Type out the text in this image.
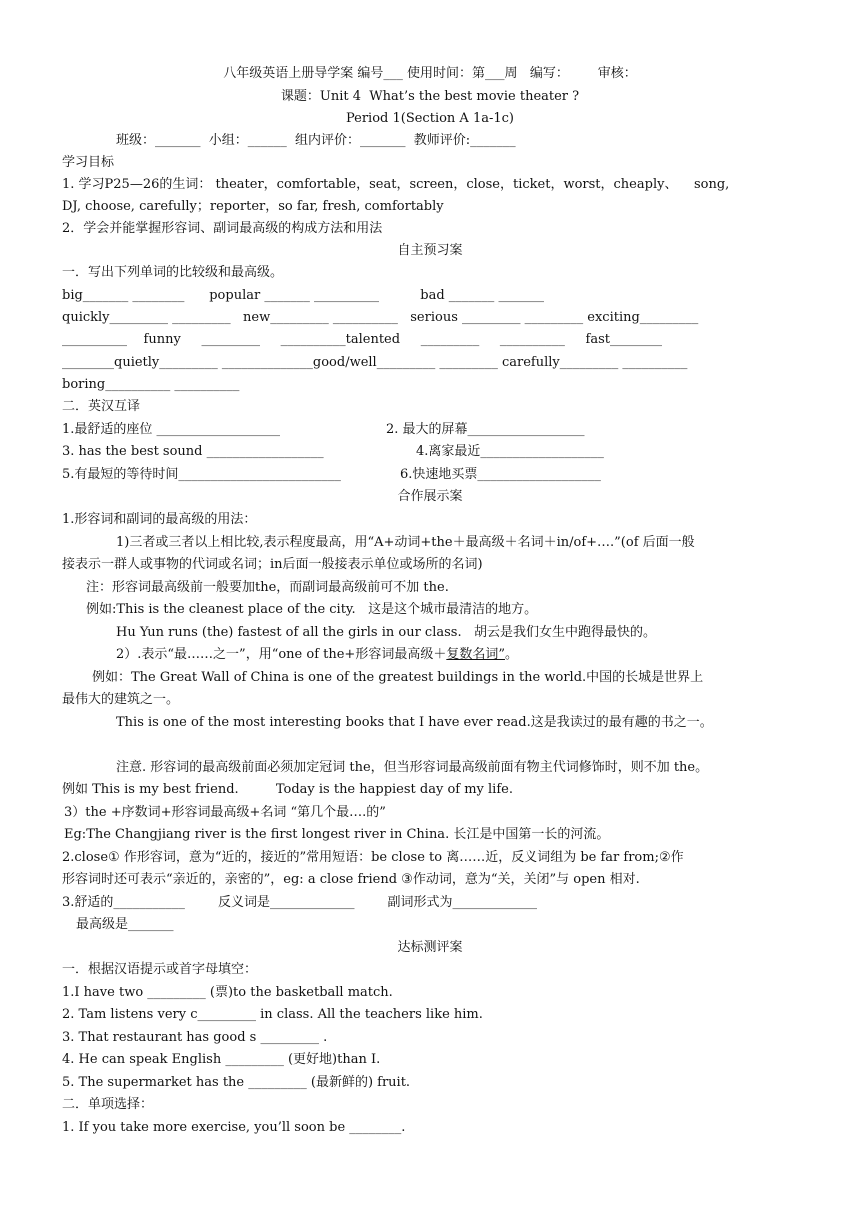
八年级英语上册导学案 编号___ 使用时间：第___周   编写：       审核：
课题：Unit 4  What’s the best movie theater ?
Period 1(Section A 1a-1c)
班级：_______  小组：______  组内评价：_______  教师评价:_______
学习目标
1. 学习P25—26的生词： theater，comfortable，seat，screen，close，ticket，worst，cheaply、    song,
DJ, choose, carefully；reporter，so far, fresh, comfortably
2．学会并能掌握形容词、副词最高级的构成方法和用法
自主预习案
一．写出下列单词的比较级和最高级。
big_______ ________      popular _______ __________          bad _______ _______
quickly_________ _________   new_________ __________   serious _________ _________ exciting_________
__________    funny     _________     __________talented     _________     __________     fast________
________quietly_________ ______________good/well_________ _________ carefully_________ __________
boring__________ __________
二．英汉互译
1.最舒适的座位 ___________________	2. 最大的屏幕__________________
3. has the best sound __________________	4.离家最近___________________
5.有最短的等待时间_________________________	6.快速地买票___________________
合作展示案
1.形容词和副词的最高级的用法：
1)三者或三者以上相比较,表示程度最高，用“A+动词+the＋最高级＋名词＋in/of+….”(of 后面一般
接表示一群人或事物的代词或名词；in后面一般接表示单位或场所的名词)
注：形容词最高级前一般要加the，而副词最高级前可不加 the.
例如:This is the cleanest place of the city.   这是这个城市最清洁的地方。
Hu Yun runs (the) fastest of all the girls in our class.   胡云是我们女生中跑得最快的。
2）.表示“最……之一”，用“one of the+形容词最高级＋复数名词”。
例如：The Great Wall of China is one of the greatest buildings in the world.中国的长城是世界上
最伟大的建筑之一。
This is one of the most interesting books that I have ever read.这是我读过的最有趣的书之一。
注意. 形容词的最高级前面必须加定冠词 the，但当形容词最高级前面有物主代词修饰时，则不加 the。
例如 This is my best friend.         Today is the happiest day of my life.
3）the +序数词+形容词最高级+名词 “第几个最….的”
Eg:The Changjiang river is the first longest river in China. 长江是中国第一长的河流。
2.close① 作形容词，意为“近的，接近的”常用短语：be close to 离……近，反义词组为 be far from;②作
形容词时还可表示“亲近的，亲密的”，eg: a close friend ③作动词，意为“关，关闭”与 open 相对.
3.舒适的___________        反义词是_____________        副词形式为_____________
最高级是_______
达标测评案
一．根据汉语提示或首字母填空：
1.I have two _________ (票)to the basketball match.
2. Tam listens very c_________ in class. All the teachers like him.
3. That restaurant has good s _________ .
4. He can speak English _________ (更好地)than I.
5. The supermarket has the _________ (最新鲜的) fruit.
二．单项选择：
1. If you take more exercise, you’ll soon be ________.
